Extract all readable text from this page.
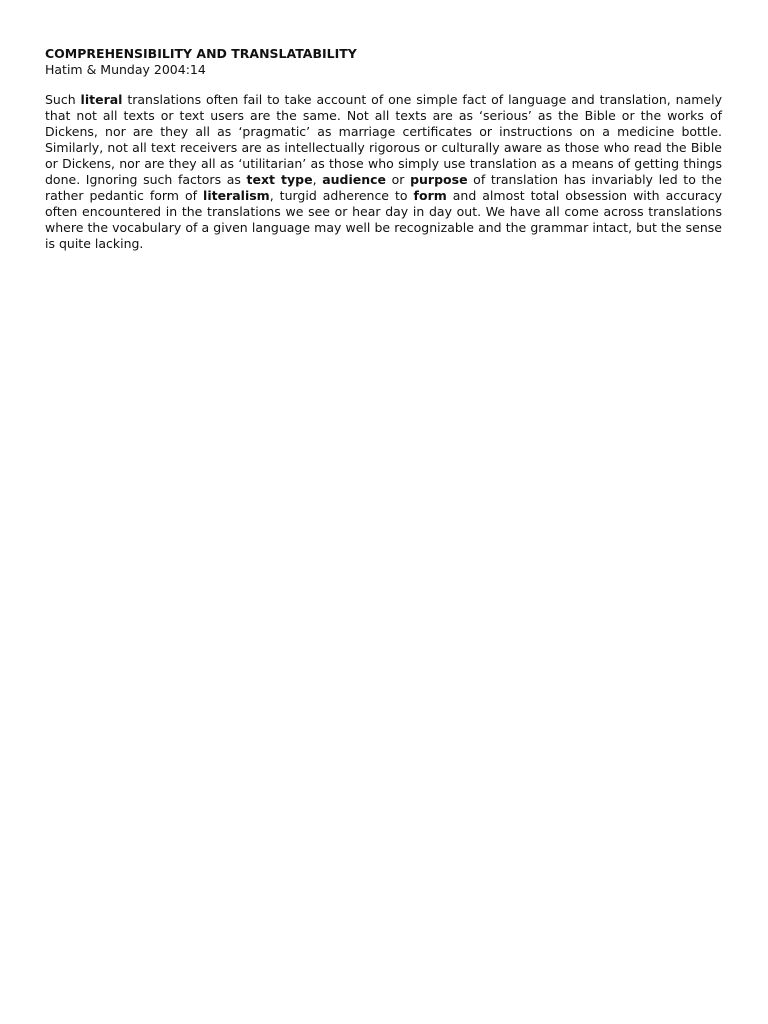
COMPREHENSIBILITY AND TRANSLATABILITY

Hatim & Munday 2004:14

Such literal translations often fail to take account of one simple fact of language and translation, namely that not all texts or text users are the same. Not all texts are as ‘serious’ as the Bible or the works of Dickens, nor are they all as ‘pragmatic’ as marriage certificates or instructions on a medicine bottle. Similarly, not all text receivers are as intellectually rigorous or culturally aware as those who read the Bible or Dickens, nor are they all as ‘utilitarian’ as those who simply use translation as a means of getting things done. Ignoring such factors as text type, audience or purpose of translation has invariably led to the rather pedantic form of literalism, turgid adherence to form and almost total obsession with accuracy often encountered in the translations we see or hear day in day out. We have all come across translations where the vocabulary of a given language may well be recognizable and the grammar intact, but the sense is quite lacking.
